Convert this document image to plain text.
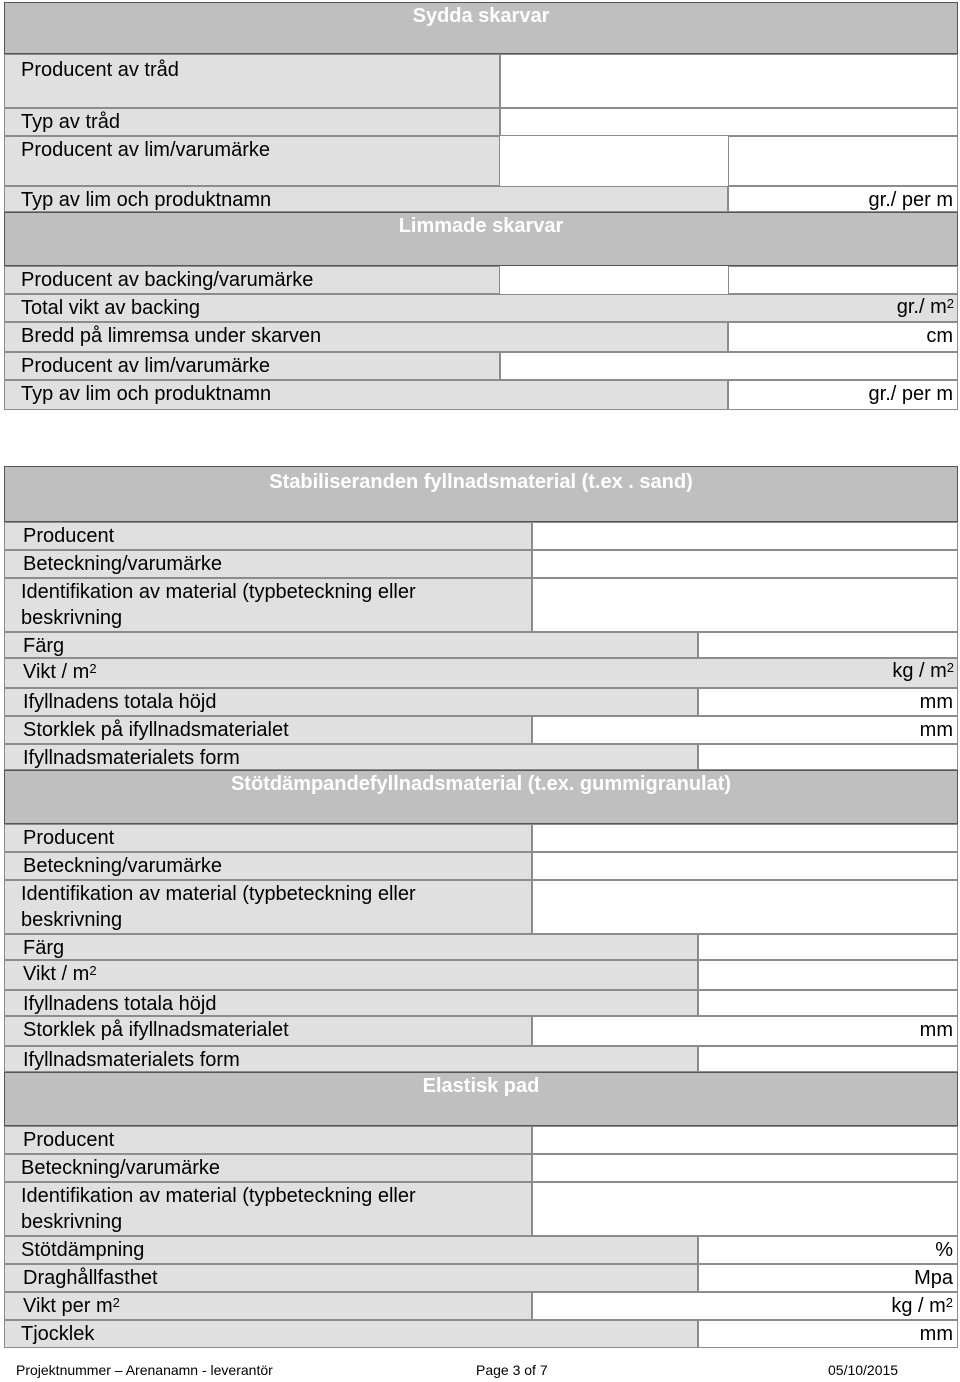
Sydda skarvar
Producent av tråd
Typ av tråd
Producent av lim/varumärke
Typ av lim och produktnamn	gr./ per m
Limmade skarvar
Producent av backing/varumärke
Total vikt av backing	gr./ $m^2$
Bredd på limremsa under skarven	cm
Producent av lim/varumärke
Typ av lim och produktnamn	gr./ per m
Stabiliseranden fyllnadsmaterial (t.ex . sand)
Producent
Beteckning/varumärke
Identifikation av material (typbeteckning eller
beskrivning
Färg
Vikt / $m^2$	kg / $m^2$
Ifyllnadens totala höjd	mm
Storklek på ifyllnadsmaterialet	mm
Ifyllnadsmaterialets form
Stötdämpandefyllnadsmaterial (t.ex. gummigranulat)
Producent
Beteckning/varumärke
Identifikation av material (typbeteckning eller
beskrivning
Färg
Vikt / $m^2$
Ifyllnadens totala höjd
Storklek på ifyllnadsmaterialet	mm
Ifyllnadsmaterialets form
Elastisk pad
Producent
Beteckning/varumärke
Identifikation av material (typbeteckning eller
beskrivning
Stötdämpning	%
Draghållfasthet	Mpa
Vikt per $m^2$	kg / $m^2$
Tjocklek	mm
Projektnummer – Arenanamn - leverantör	Page 3 of 7	05/10/2015
